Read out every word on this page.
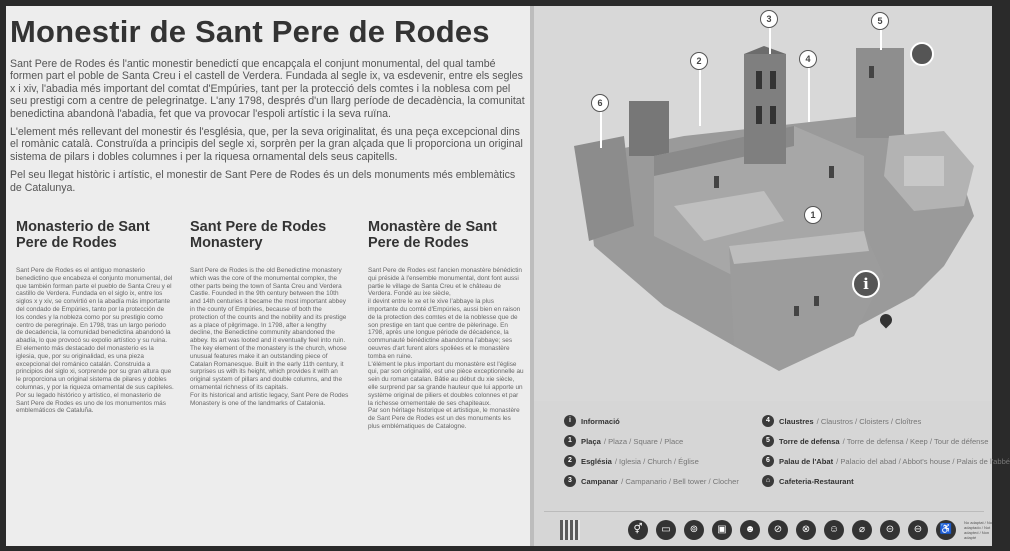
Monestir de Sant Pere de Rodes

Sant Pere de Rodes és l'antic monestir benedictí que encapçala el conjunt monumental, del qual també formen part el poble de Santa Creu i el castell de Verdera. Fundada al segle ix, va esdevenir, entre els segles x i xiv, l'abadia més important del comtat d'Empúries, tant per la protecció dels comtes i la noblesa com pel seu prestigi com a centre de pelegrinatge. L'any 1798, després d'un llarg període de decadència, la comunitat benedictina abandonà l'abadia, fet que va provocar l'espoli artístic i la seva ruïna.

L'element més rellevant del monestir és l'església, que, per la seva originalitat, és una peça excepcional dins el romànic català. Construïda a principis del segle xi, sorprèn per la gran alçada que li proporciona un original sistema de pilars i dobles columnes i per la riquesa ornamental dels seus capitells.

Pel seu llegat històric i artístic, el monestir de Sant Pere de Rodes és un dels monuments més emblemàtics de Catalunya.

Monasterio de Sant Pere de Rodes

Sant Pere de Rodes es el antiguo monasterio benedictino que encabeza el conjunto monumental, del que también forman parte el pueblo de Santa Creu y el castillo de Verdera. Fundada en el siglo ix, entre los siglos x y xiv, se convirtió en la abadía más importante del condado de Empúries, tanto por la protección de los condes y la nobleza como por su prestigio como centro de peregrinaje. En 1798, tras un largo periodo de decadencia, la comunidad benedictina abandonó la abadía, lo que provocó su expolio artístico y su ruina.

El elemento más destacado del monasterio es la iglesia, que, por su originalidad, es una pieza excepcional del románico catalán. Construida a principios del siglo xi, sorprende por su gran altura que le proporciona un original sistema de pilares y dobles columnas, y por la riqueza ornamental de sus capiteles.

Por su legado histórico y artístico, el monasterio de Sant Pere de Rodes es uno de los monumentos más emblemáticos de Cataluña.

Sant Pere de Rodes Monastery

Sant Pere de Rodes is the old Benedictine monastery which was the core of the monumental complex, the other parts being the town of Santa Creu and Verdera Castle. Founded in the 9th century between the 10th and 14th centuries it became the most important abbey in the county of Empúries, because of both the protection of the counts and the nobility and its prestige as a place of pilgrimage. In 1798, after a lengthy decline, the Benedictine community abandoned the abbey. Its art was looted and it eventually feel into ruin.

The key element of the monastery is the church, whose unusual features make it an outstanding piece of Catalan Romanesque. Built in the early 11th century, it surprises us with its height, which provides it with an original system of pillars and double columns, and the ornamental richness of its capitals.

For its historical and artistic legacy, Sant Pere de Rodes Monastery is one of the landmarks of Catalonia.

Monastère de Sant Pere de Rodes

Sant Pere de Rodes est l'ancien monastère bénédictin qui préside à l'ensemble monumental, dont font aussi partie le village de Santa Creu et le château de Verdera. Fondé au ixe siècle,

il devint entre le xe et le xive l'abbaye la plus importante du comté d'Empúries, aussi bien en raison de la protection des comtes et de la noblesse que de son prestige en tant que centre de pèlerinage. En 1798, après une longue période de décadence, la communauté bénédictine abandonna l'abbaye; ses oeuvres d'art furent alors spoliées et le monastère tomba en ruine.

L'élément le plus important du monastère est l'église qui, par son originalité, est une pièce exceptionnelle au sein du roman catalan. Bâtie au début du xie siècle, elle surprend par sa grande hauteur que lui apporte un système original de piliers et doubles colonnes et par la richesse ornementale de ses chapiteaux.

Par son héritage historique et artistique, le monastère de Sant Pere de Rodes est un des monuments les plus emblématiques de Catalogne.

6
2
3
4
5
1
i
i	Informació
1	Plaça / Plaza / Square / Place
2	Església / Iglesia / Church / Église
3	Campanar / Campanario / Bell tower / Clocher
4	Claustres / Claustros / Cloisters / Cloîtres
5	Torre de defensa / Torre de defensa / Keep / Tour de défense
6	Palau de l'Abat / Palacio del abad / Abbot's house / Palais de l'abbé
⌂	Cafeteria-Restaurant
⚥	▭	⊚	▣	☻	⊘	⊗	☺	⌀	⊝	⊖	♿
No adaptat / No adaptado / Not adapted / Non adapté
